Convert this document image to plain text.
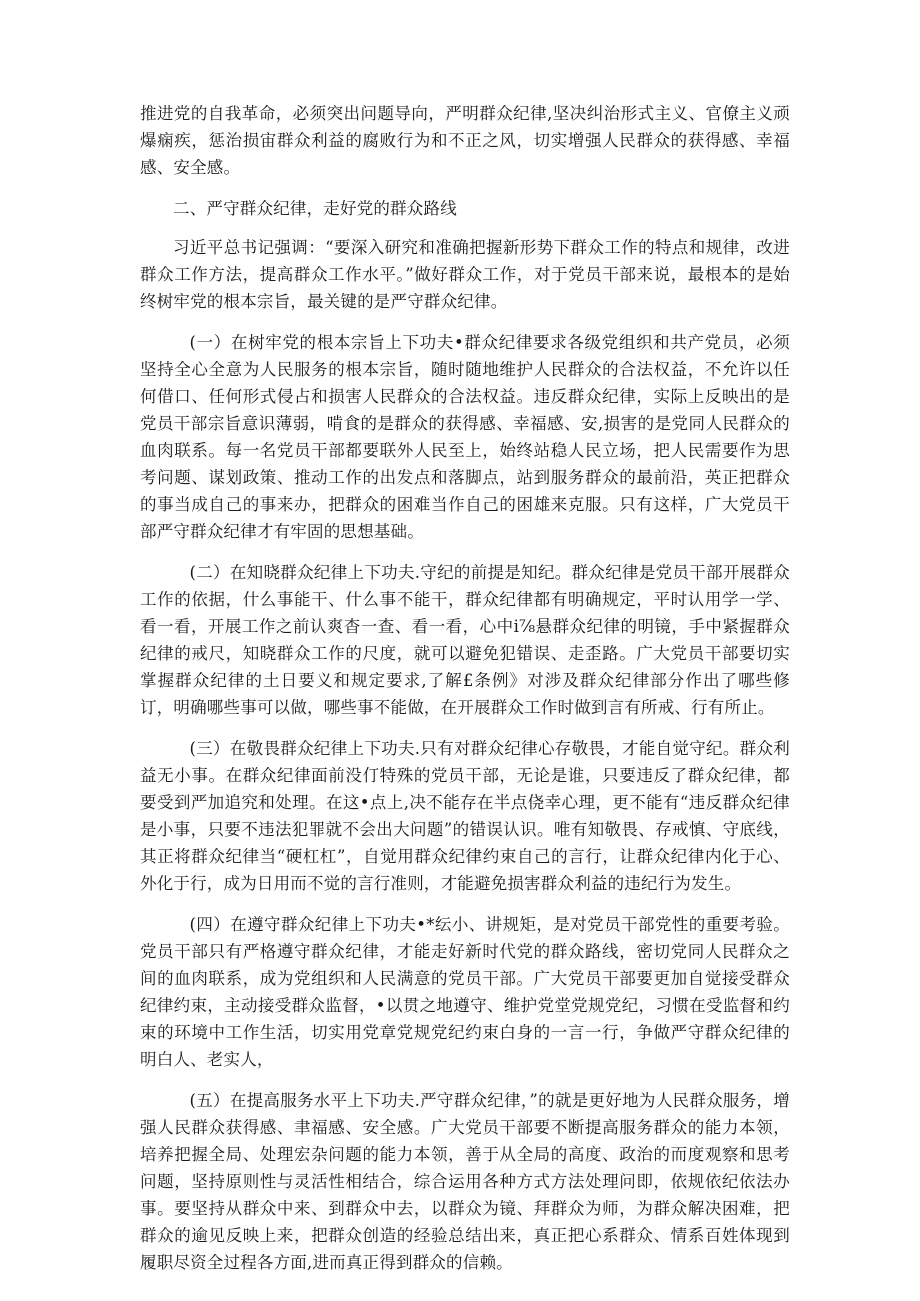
推进党的自我革命，必须突出问题导向，严明群众纪律,坚决纠治形式主义、官僚主义顽爆痫疾，惩治损宙群众利益的腐败行为和不正之风，切实增强人民群众的获得感、幸福感、安全感。

二、严守群众纪律，走好党的群众路线

习近平总书记强调：“要深入研究和准确把握新形势下群众工作的特点和规律，改进群众工作方法，提高群众工作水平。”做好群众工作，对于党员干部来说，最根本的是始终树牢党的根本宗旨，最关键的是严守群众纪律。

(一）在树牢党的根本宗旨上下功夫•群众纪律要求各级党组织和共产党员，必须坚持全心全意为人民服务的根本宗旨，随时随地维护人民群众的合法权益，不允许以任何借口、任何形式侵占和损害人民群众的合法权益。违反群众纪律，实际上反映出的是党员干部宗旨意识薄弱，啃食的是群众的获得感、幸福感、安,损害的是党同人民群众的血肉联系。每一名党员干部都要联外人民至上，始终站稳人民立场，把人民需要作为思考问题、谋划政策、推动工作的出发点和落脚点，站到服务群众的最前沿，英正把群众的事当成自己的事来办，把群众的困难当作自己的困雄来克服。只有这样，广大党员干部严守群众纪律才有牢固的思想基础。

(二）在知晓群众纪律上下功夫.守纪的前提是知纪。群众纪律是党员干部开展群众工作的依据，什么事能干、什么事不能干，群众纪律都有明确规定，平时认用学一学、看一看，开展工作之前认爽杳一查、看一看，心中i⅞悬群众纪律的明镜，手中紧握群众纪律的戒尺，知晓群众工作的尺度，就可以避免犯错误、走歪路。广大党员干部要切实掌握群众纪律的土日要义和规定要求,了解£条例》对涉及群众纪律部分作出了哪些修订，明确哪些事可以做，哪些事不能做，在开展群众工作时做到言有所戒、行有所止。

(三）在敬畏群众纪律上下功夫.只有对群众纪律心存敬畏，才能自觉守纪。群众利益无小事。在群众纪律面前没仃特殊的党员干部，无论是谁，只要违反了群众纪律，都要受到严加追究和处理。在这•点上,决不能存在半点侥幸心理，更不能有“违反群众纪律是小事，只要不违法犯罪就不会出大问题”的错误认识。唯有知敬畏、存戒慎、守底线，其正将群众纪律当“硬杠杠”，自觉用群众纪律约束自己的言行，让群众纪律内化于心、外化于行，成为日用而不觉的言行准则，才能避免损害群众利益的违纪行为发生。

(四）在遵守群众纪律上下功夫•*纭小、讲规矩，是对党员干部党性的重要考验。党员干部只有严格遵守群众纪律，才能走好新时代党的群众路线，密切党同人民群众之间的血肉联系，成为党组织和人民满意的党员干部。广大党员干部要更加自觉接受群众纪律约束，主动接受群众监督，•以贯之地遵守、维护党堂党规党纪，习惯在受监督和约束的环境中工作生活，切实用党章党规党纪约束白身的一言一行，争做严守群众纪律的明白人、老实人，

(五）在提高服务水平上下功夫.严守群众纪律，”的就是更好地为人民群众服务，增强人民群众获得感、聿福感、安全感。广大党员干部要不断提高服务群众的能力本领，培养把握全局、处理宏杂问题的能力本领，善于从全局的高度、政治的而度观察和思考问题，坚持原则性与灵活性相结合，综合运用各种方式方法处理问即，依规依纪依法办事。要坚持从群众中来、到群众中去，以群众为镜、拜群众为师，为群众解决困难，把群众的逾见反映上来，把群众创造的经验总结出来，真正把心系群众、情系百姓体现到履职尽资全过程各方面,进而真正得到群众的信赖。
